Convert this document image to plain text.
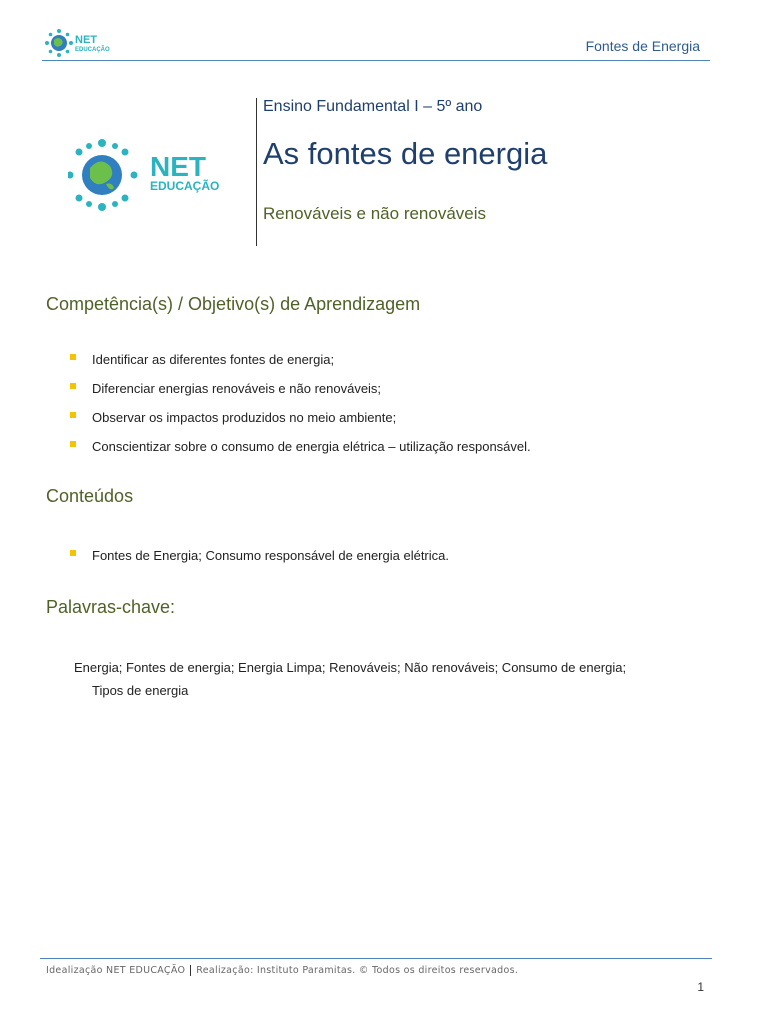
NET
EDUCAÇÃO	Fontes de Energia
NET
EDUCAÇÃO
Ensino Fundamental I – 5º ano
As fontes de energia
Renováveis e não renováveis
Competência(s) / Objetivo(s) de Aprendizagem
Identificar as diferentes fontes de energia;
Diferenciar energias renováveis e não renováveis;
Observar os impactos produzidos no meio ambiente;
Conscientizar sobre o consumo de energia elétrica – utilização responsável.
Conteúdos
Fontes de Energia; Consumo responsável de energia elétrica.
Palavras-chave:
Energia; Fontes de energia; Energia Limpa; Renováveis; Não renováveis; Consumo de energia;
Tipos de energia
Idealização NET EDUCAÇÃO Realização: Instituto Paramitas. © Todos os direitos reservados.
1
